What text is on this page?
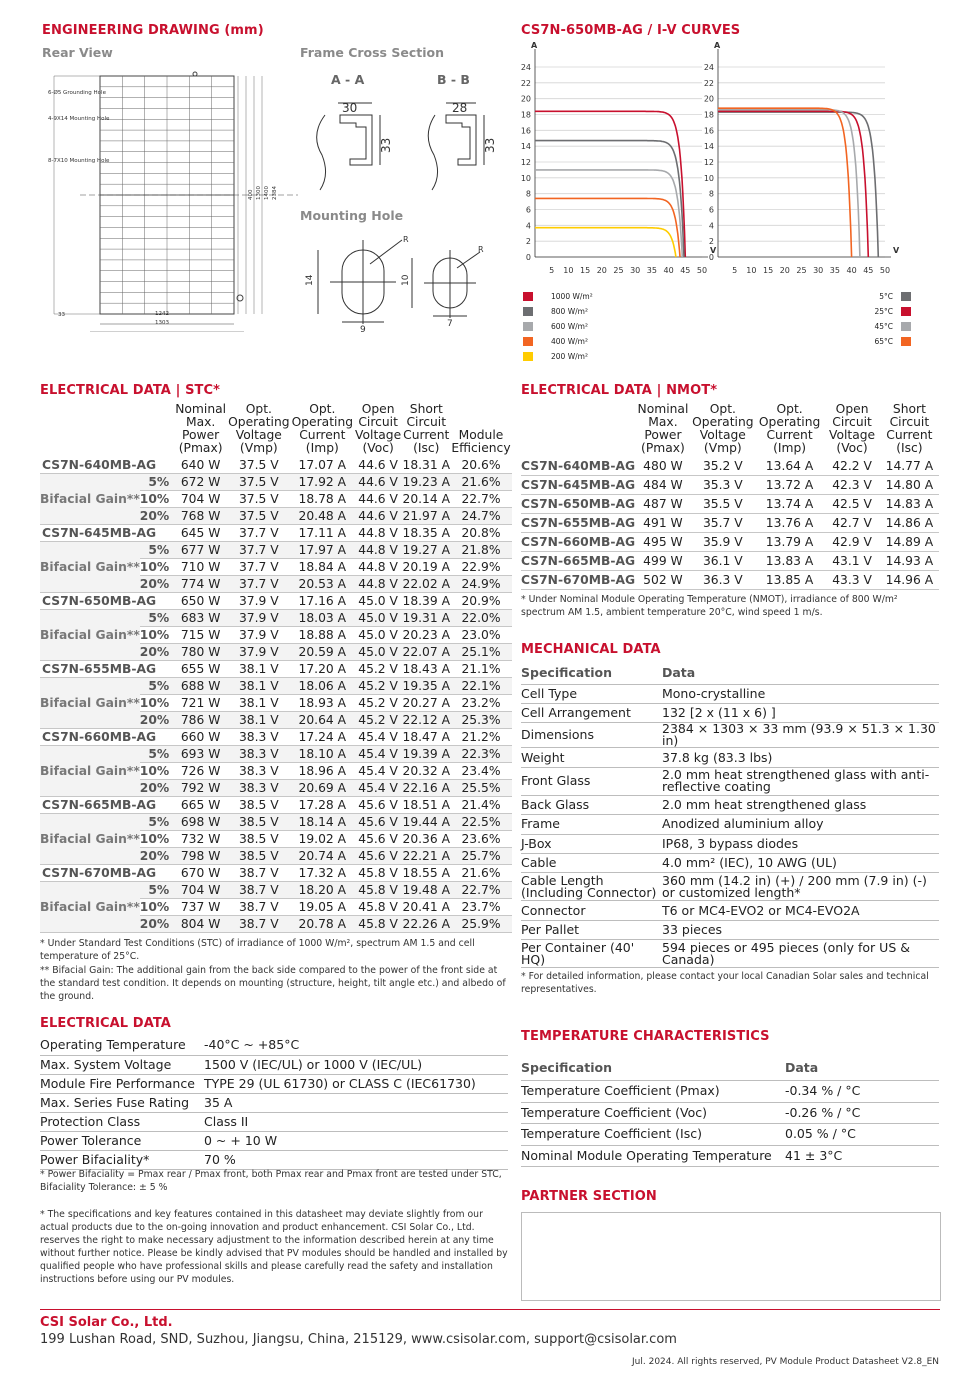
ENGINEERING DRAWING (mm)
Rear View	Frame Cross Section
Mounting Hole
6-Ø5 Grounding Hole
4-9X14 Mounting Hole
8-7X10 Mounting Hole
1242
1303
33
400 1300 1400 2384
A - A	B - B
30
33
28
33
R
R
14
9
10
7
CS7N-650MB-AG / I-V CURVES
24
22
20
18
16
14
12
10
8
6
4
2
0
A
V
5 10 15 20 25 30 35 40 45 50
24
22
20
18
16
14
12
10
8
6
4
2
0
A
V
5 10 15 20 25 30 35 40 45 50
1000 W/m²
800 W/m²
600 W/m²
400 W/m²
200 W/m²
5°C
25°C
45°C
65°C
ELECTRICAL DATA | STC*
		Nominal Max. Power (Pmax)	Opt. Operating Voltage (Vmp)	Opt. Operating Current (Imp)	Open Circuit Voltage (Voc)	Short Circuit Current (Isc)	Module Efficiency
CS7N-640MB-AG		640 W	37.5 V	17.07 A	44.6 V	18.31 A	20.6%
Bifacial Gain**	5%	672 W	37.5 V	17.92 A	44.6 V	19.23 A	21.6%
	10%	704 W	37.5 V	18.78 A	44.6 V	20.14 A	22.7%
	20%	768 W	37.5 V	20.48 A	44.6 V	21.97 A	24.7%
CS7N-645MB-AG		645 W	37.7 V	17.11 A	44.8 V	18.35 A	20.8%
Bifacial Gain**	5%	677 W	37.7 V	17.97 A	44.8 V	19.27 A	21.8%
	10%	710 W	37.7 V	18.84 A	44.8 V	20.19 A	22.9%
	20%	774 W	37.7 V	20.53 A	44.8 V	22.02 A	24.9%
CS7N-650MB-AG		650 W	37.9 V	17.16 A	45.0 V	18.39 A	20.9%
Bifacial Gain**	5%	683 W	37.9 V	18.03 A	45.0 V	19.31 A	22.0%
	10%	715 W	37.9 V	18.88 A	45.0 V	20.23 A	23.0%
	20%	780 W	37.9 V	20.59 A	45.0 V	22.07 A	25.1%
CS7N-655MB-AG		655 W	38.1 V	17.20 A	45.2 V	18.43 A	21.1%
Bifacial Gain**	5%	688 W	38.1 V	18.06 A	45.2 V	19.35 A	22.1%
	10%	721 W	38.1 V	18.93 A	45.2 V	20.27 A	23.2%
	20%	786 W	38.1 V	20.64 A	45.2 V	22.12 A	25.3%
CS7N-660MB-AG		660 W	38.3 V	17.24 A	45.4 V	18.47 A	21.2%
Bifacial Gain**	5%	693 W	38.3 V	18.10 A	45.4 V	19.39 A	22.3%
	10%	726 W	38.3 V	18.96 A	45.4 V	20.32 A	23.4%
	20%	792 W	38.3 V	20.69 A	45.4 V	22.16 A	25.5%
CS7N-665MB-AG		665 W	38.5 V	17.28 A	45.6 V	18.51 A	21.4%
Bifacial Gain**	5%	698 W	38.5 V	18.14 A	45.6 V	19.44 A	22.5%
	10%	732 W	38.5 V	19.02 A	45.6 V	20.36 A	23.6%
	20%	798 W	38.5 V	20.74 A	45.6 V	22.21 A	25.7%
CS7N-670MB-AG		670 W	38.7 V	17.32 A	45.8 V	18.55 A	21.6%
Bifacial Gain**	5%	704 W	38.7 V	18.20 A	45.8 V	19.48 A	22.7%
	10%	737 W	38.7 V	19.05 A	45.8 V	20.41 A	23.7%
	20%	804 W	38.7 V	20.78 A	45.8 V	22.26 A	25.9%
* Under Standard Test Conditions (STC) of irradiance of 1000 W/m², spectrum AM 1.5 and cell temperature of 25°C.
** Bifacial Gain: The additional gain from the back side compared to the power of the front side at the standard test condition. It depends on mounting (structure, height, tilt angle etc.) and albedo of the ground.
ELECTRICAL DATA | NMOT*
	Nominal Max. Power (Pmax)	Opt. Operating Voltage (Vmp)	Opt. Operating Current (Imp)	Open Circuit Voltage (Voc)	Short Circuit Current (Isc)
CS7N-640MB-AG	480 W	35.2 V	13.64 A	42.2 V	14.77 A
CS7N-645MB-AG	484 W	35.3 V	13.72 A	42.3 V	14.80 A
CS7N-650MB-AG	487 W	35.5 V	13.74 A	42.5 V	14.83 A
CS7N-655MB-AG	491 W	35.7 V	13.76 A	42.7 V	14.86 A
CS7N-660MB-AG	495 W	35.9 V	13.79 A	42.9 V	14.89 A
CS7N-665MB-AG	499 W	36.1 V	13.83 A	43.1 V	14.93 A
CS7N-670MB-AG	502 W	36.3 V	13.85 A	43.3 V	14.96 A
* Under Nominal Module Operating Temperature (NMOT), irradiance of 800 W/m² spectrum AM 1.5, ambient temperature 20°C, wind speed 1 m/s.
MECHANICAL DATA
Specification	Data
Cell Type	Mono-crystalline
Cell Arrangement	132 [2 x (11 x 6) ]
Dimensions	2384 × 1303 × 33 mm (93.9 × 51.3 × 1.30 in)
Weight	37.8 kg (83.3 lbs)
Front Glass	2.0 mm heat strengthened glass with anti-reflective coating
Back Glass	2.0 mm heat strengthened glass
Frame	Anodized aluminium alloy
J-Box	IP68, 3 bypass diodes
Cable	4.0 mm² (IEC), 10 AWG (UL)
Cable Length (Including Connector)	360 mm (14.2 in) (+) / 200 mm (7.9 in) (-) or customized length*
Connector	T6 or MC4-EVO2 or MC4-EVO2A
Per Pallet	33 pieces
Per Container (40' HQ)	594 pieces or 495 pieces (only for US & Canada)
* For detailed information, please contact your local Canadian Solar sales and technical representatives.
ELECTRICAL DATA
Operating Temperature	-40°C ~ +85°C
Max. System Voltage	1500 V (IEC/UL) or 1000 V (IEC/UL)
Module Fire Performance	TYPE 29 (UL 61730) or CLASS C (IEC61730)
Max. Series Fuse Rating	35 A
Protection Class	Class II
Power Tolerance	0 ~ + 10 W
Power Bifaciality*	70 %
* Power Bifaciality = Pmax rear / Pmax front, both Pmax rear and Pmax front are tested under STC, Bifaciality Tolerance: ± 5 %
* The specifications and key features contained in this datasheet may deviate slightly from our actual products due to the on-going innovation and product enhancement. CSI Solar Co., Ltd. reserves the right to make necessary adjustment to the information described herein at any time without further notice. Please be kindly advised that PV modules should be handled and installed by qualified people who have professional skills and please carefully read the safety and installation instructions before using our PV modules.
TEMPERATURE CHARACTERISTICS
Specification	Data
Temperature Coefficient (Pmax)	-0.34 % / °C
Temperature Coefficient (Voc)	-0.26 % / °C
Temperature Coefficient (Isc)	0.05 % / °C
Nominal Module Operating Temperature	41 ± 3°C
PARTNER SECTION
CSI Solar Co., Ltd.
199 Lushan Road, SND, Suzhou, Jiangsu, China, 215129, www.csisolar.com, support@csisolar.com
Jul. 2024. All rights reserved, PV Module Product Datasheet V2.8_EN
